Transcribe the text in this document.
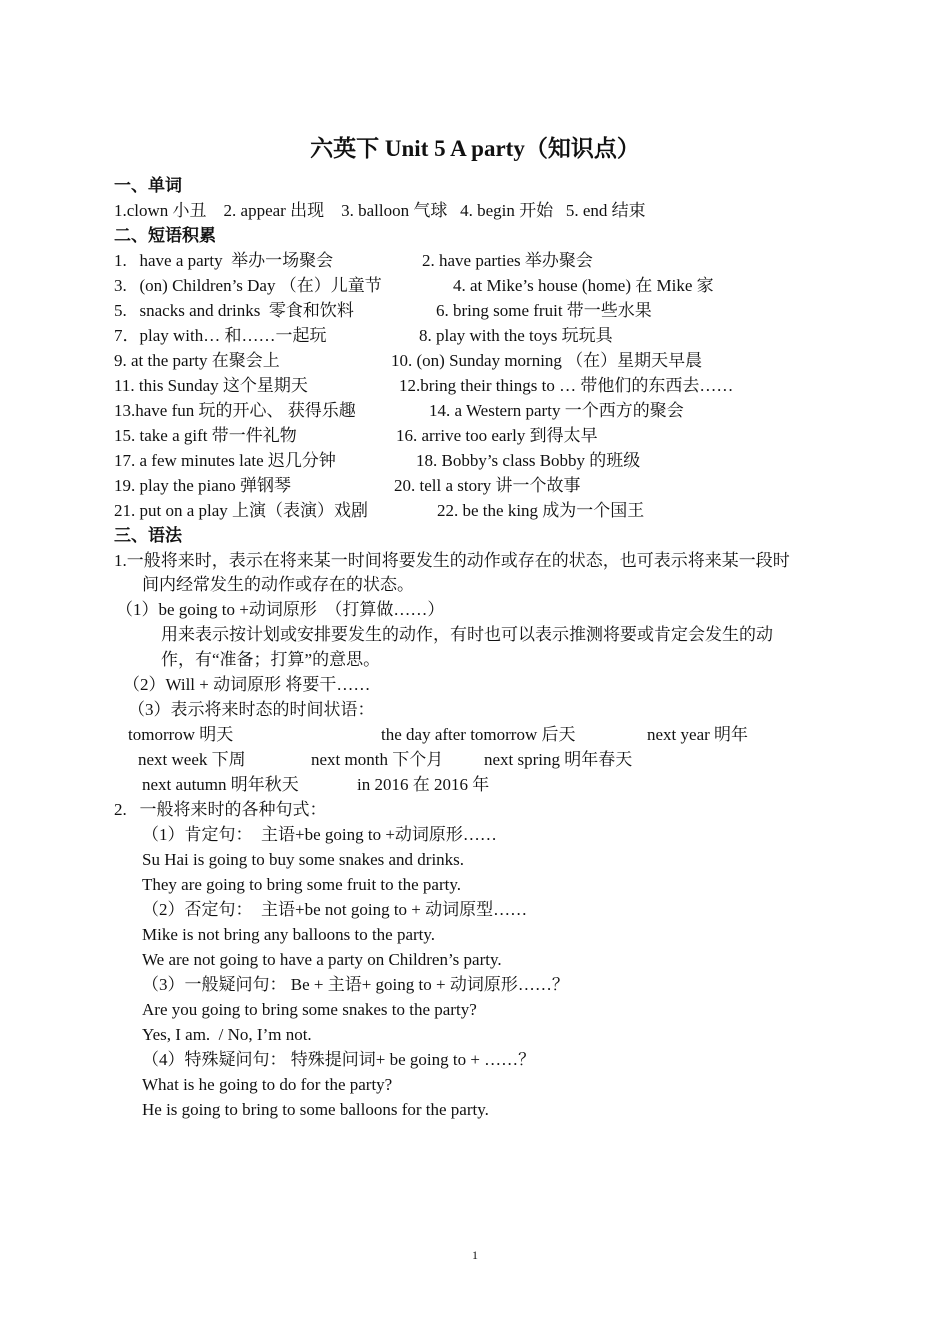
六英下 Unit 5 A party（知识点）
一、单词
1.clown 小丑    2. appear 出现    3. balloon 气球   4. begin 开始   5. end 结束
二、短语积累
1.   have a party  举办一场聚会	2. have parties 举办聚会
3.   (on) Children’s Day （在）儿童节	4. at Mike’s house (home) 在 Mike 家
5.   snacks and drinks  零食和饮料	6. bring some fruit 带一些水果
7．play with… 和……一起玩	8. play with the toys 玩玩具
9. at the party 在聚会上	10. (on) Sunday morning （在）星期天早晨
11. this Sunday 这个星期天	12.bring their things to … 带他们的东西去……
13.have fun 玩的开心、 获得乐趣	14. a Western party 一个西方的聚会
15. take a gift 带一件礼物	16. arrive too early 到得太早
17. a few minutes late 迟几分钟	18. Bobby’s class Bobby 的班级
19. play the piano 弹钢琴	20. tell a story 讲一个故事
21. put on a play 上演（表演）戏剧	22. be the king 成为一个国王
三、语法
1.一般将来时，表示在将来某一时间将要发生的动作或存在的状态，也可表示将来某一段时
间内经常发生的动作或存在的状态。
（1）be going to +动词原形  （打算做……）
用来表示按计划或安排要发生的动作，有时也可以表示推测将要或肯定会发生的动
作，有“准备；打算”的意思。
（2）Will + 动词原形 将要干……
（3）表示将来时态的时间状语：
tomorrow 明天	the day after tomorrow 后天	next year 明年
next week 下周	next month 下个月 next spring 明年春天
next autumn 明年秋天	in 2016 在 2016 年
2.   一般将来时的各种句式：
（1）肯定句：  主语+be going to +动词原形……
Su Hai is going to buy some snakes and drinks.
They are going to bring some fruit to the party.
（2）否定句：  主语+be not going to + 动词原型……
Mike is not bring any balloons to the party.
We are not going to have a party on Children’s party.
（3）一般疑问句： Be + 主语+ going to + 动词原形……？
Are you going to bring some snakes to the party?
Yes, I am.  / No, I’m not.
（4）特殊疑问句： 特殊提问词+ be going to + ……？
What is he going to do for the party?
He is going to bring to some balloons for the party.
1
